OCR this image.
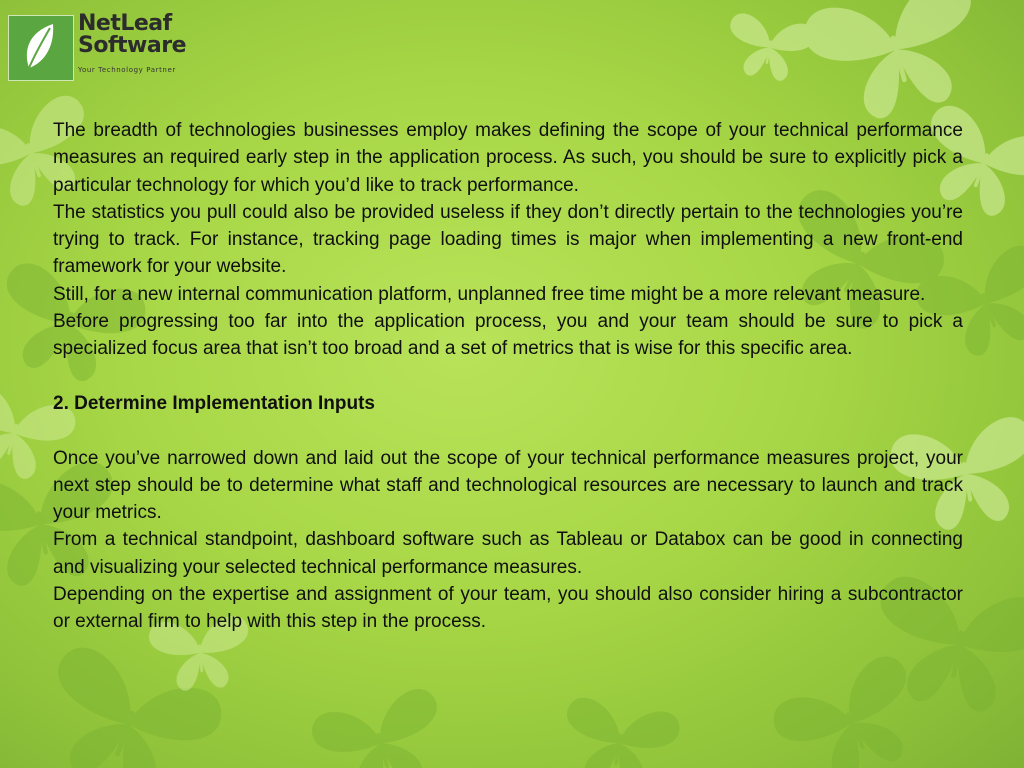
NetLeaf
Software
Your Technology Partner

The breadth of technologies businesses employ makes defining the scope of your technical performance measures an required early step in the application process. As such, you should be sure to explicitly pick a particular technology for which you’d like to track performance.

The statistics you pull could also be provided useless if they don’t directly pertain to the technologies you’re trying to track. For instance, tracking page loading times is major when implementing a new front-end framework for your website.

Still, for a new internal communication platform, unplanned free time might be a more relevant measure.

Before progressing too far into the application process, you and your team should be sure to pick a specialized focus area that isn’t too broad and a set of metrics that is wise for this specific area.

2. Determine Implementation Inputs

Once you’ve narrowed down and laid out the scope of your technical performance measures project, your next step should be to determine what staff and technological resources are necessary to launch and track your metrics.

From a technical standpoint, dashboard software such as Tableau or Databox can be good in connecting and visualizing your selected technical performance measures.

Depending on the expertise and assignment of your team, you should also consider hiring a subcontractor or external firm to help with this step in the process.
